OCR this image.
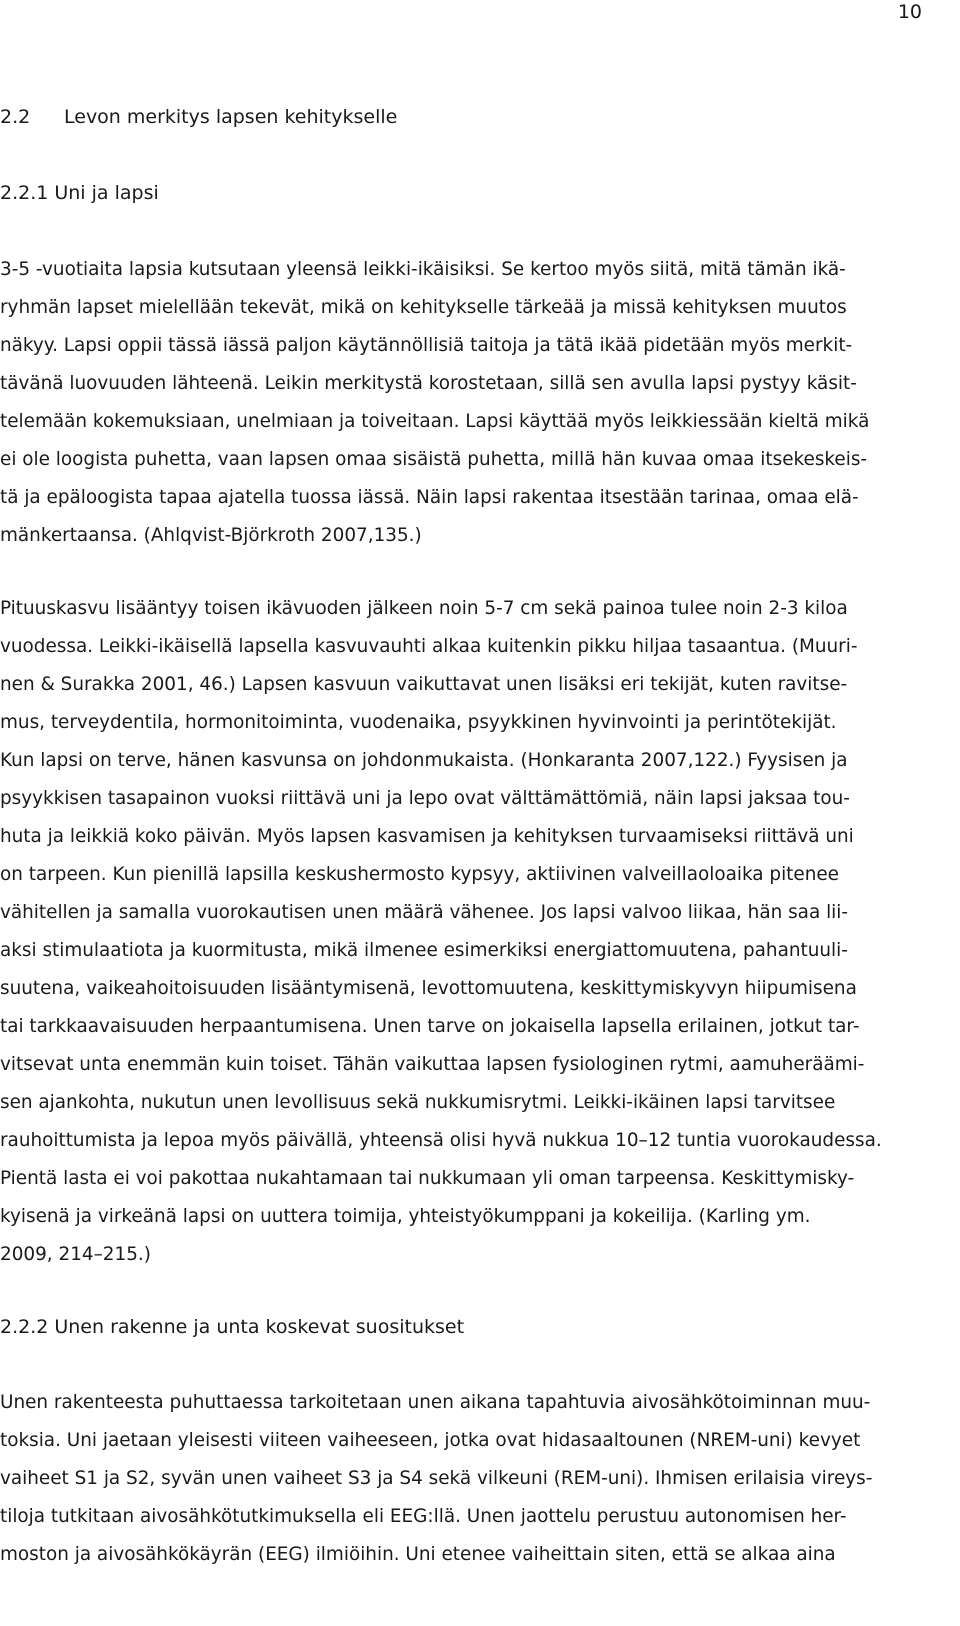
10
2.2 Levon merkitys lapsen kehitykselle
2.2.1 Uni ja lapsi
3-5 -vuotiaita lapsia kutsutaan yleensä leikki-ikäisiksi. Se kertoo myös siitä, mitä tämän ikä-
ryhmän lapset mielellään tekevät, mikä on kehitykselle tärkeää ja missä kehityksen muutos
näkyy. Lapsi oppii tässä iässä paljon käytännöllisiä taitoja ja tätä ikää pidetään myös merkit-
tävänä luovuuden lähteenä. Leikin merkitystä korostetaan, sillä sen avulla lapsi pystyy käsit-
telemään kokemuksiaan, unelmiaan ja toiveitaan. Lapsi käyttää myös leikkiessään kieltä mikä
ei ole loogista puhetta, vaan lapsen omaa sisäistä puhetta, millä hän kuvaa omaa itsekeskeis-
tä ja epäloogista tapaa ajatella tuossa iässä. Näin lapsi rakentaa itsestään tarinaa, omaa elä-
mänkertaansa. (Ahlqvist-Björkroth 2007,135.)
Pituuskasvu lisääntyy toisen ikävuoden jälkeen noin 5-7 cm sekä painoa tulee noin 2-3 kiloa
vuodessa. Leikki-ikäisellä lapsella kasvuvauhti alkaa kuitenkin pikku hiljaa tasaantua. (Muuri-
nen & Surakka 2001, 46.) Lapsen kasvuun vaikuttavat unen lisäksi eri tekijät, kuten ravitse-
mus, terveydentila, hormonitoiminta, vuodenaika, psyykkinen hyvinvointi ja perintötekijät.
Kun lapsi on terve, hänen kasvunsa on johdonmukaista. (Honkaranta 2007,122.) Fyysisen ja
psyykkisen tasapainon vuoksi riittävä uni ja lepo ovat välttämättömiä, näin lapsi jaksaa tou-
huta ja leikkiä koko päivän. Myös lapsen kasvamisen ja kehityksen turvaamiseksi riittävä uni
on tarpeen. Kun pienillä lapsilla keskushermosto kypsyy, aktiivinen valveillaoloaika pitenee
vähitellen ja samalla vuorokautisen unen määrä vähenee. Jos lapsi valvoo liikaa, hän saa lii-
aksi stimulaatiota ja kuormitusta, mikä ilmenee esimerkiksi energiattomuutena, pahantuuli-
suutena, vaikeahoitoisuuden lisääntymisenä, levottomuutena, keskittymiskyvyn hiipumisena
tai tarkkaavaisuuden herpaantumisena. Unen tarve on jokaisella lapsella erilainen, jotkut tar-
vitsevat unta enemmän kuin toiset. Tähän vaikuttaa lapsen fysiologinen rytmi, aamuheräämi-
sen ajankohta, nukutun unen levollisuus sekä nukkumisrytmi. Leikki-ikäinen lapsi tarvitsee
rauhoittumista ja lepoa myös päivällä, yhteensä olisi hyvä nukkua 10–12 tuntia vuorokaudessa.
Pientä lasta ei voi pakottaa nukahtamaan tai nukkumaan yli oman tarpeensa. Keskittymisky-
kyisenä ja virkeänä lapsi on uuttera toimija, yhteistyökumppani ja kokeilija. (Karling ym.
2009, 214–215.)
2.2.2 Unen rakenne ja unta koskevat suositukset
Unen rakenteesta puhuttaessa tarkoitetaan unen aikana tapahtuvia aivosähkötoiminnan muu-
toksia. Uni jaetaan yleisesti viiteen vaiheeseen, jotka ovat hidasaaltounen (NREM-uni) kevyet
vaiheet S1 ja S2, syvän unen vaiheet S3 ja S4 sekä vilkeuni (REM-uni). Ihmisen erilaisia vireys-
tiloja tutkitaan aivosähkötutkimuksella eli EEG:llä. Unen jaottelu perustuu autonomisen her-
moston ja aivosähkökäyrän (EEG) ilmiöihin. Uni etenee vaiheittain siten, että se alkaa aina
